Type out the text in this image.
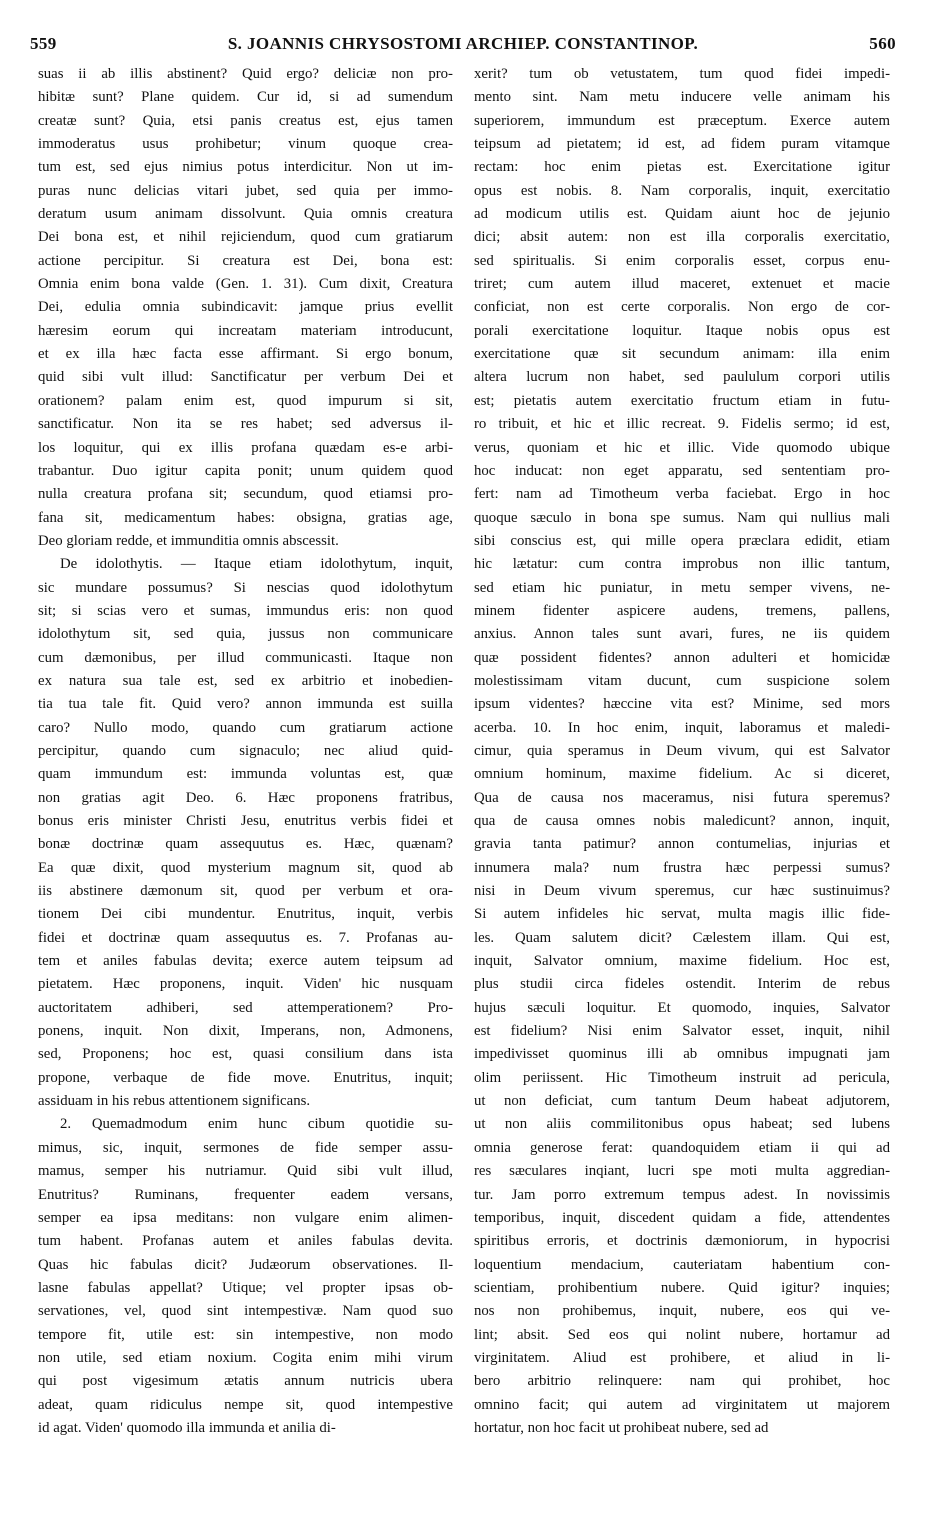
559	S. JOANNIS CHRYSOSTOMI ARCHIEP. CONSTANTINOP.	560
suas ii ab illis abstinent? Quid ergo? deliciæ non pro-
hibitæ sunt? Plane quidem. Cur id, si ad sumendum
creatæ sunt? Quia, etsi panis creatus est, ejus tamen
immoderatus usus prohibetur; vinum quoque crea-
tum est, sed ejus nimius potus interdicitur. Non ut im-
puras nunc delicias vitari jubet, sed quia per immo-
deratum usum animam dissolvunt. Quia omnis creatura
Dei bona est, et nihil rejiciendum, quod cum gratiarum
actione percipitur. Si creatura est Dei, bona est:
Omnia enim bona valde (Gen. 1. 31). Cum dixit, Creatura
Dei, edulia omnia subindicavit: jamque prius evellit
hæresim eorum qui increatam materiam introducunt,
et ex illa hæc facta esse affirmant. Si ergo bonum,
quid sibi vult illud: Sanctificatur per verbum Dei et
orationem? palam enim est, quod impurum si sit,
sanctificatur. Non ita se res habet; sed adversus il-
los loquitur, qui ex illis profana quædam es-e arbi-
trabantur. Duo igitur capita ponit; unum quidem quod
nulla creatura profana sit; secundum, quod etiamsi pro-
fana sit, medicamentum habes: obsigna, gratias age,
Deo gloriam redde, et immunditia omnis abscessit.
De idolothytis. — Itaque etiam idolothytum, inquit,
sic mundare possumus? Si nescias quod idolothytum
sit; si scias vero et sumas, immundus eris: non quod
idolothytum sit, sed quia, jussus non communicare
cum dæmonibus, per illud communicasti. Itaque non
ex natura sua tale est, sed ex arbitrio et inobedien-
tia tua tale fit. Quid vero? annon immunda est suilla
caro? Nullo modo, quando cum gratiarum actione
percipitur, quando cum signaculo; nec aliud quid-
quam immundum est: immunda voluntas est, quæ
non gratias agit Deo. 6. Hæc proponens fratribus,
bonus eris minister Christi Jesu, enutritus verbis fidei et
bonæ doctrinæ quam assequutus es. Hæc, quænam?
Ea quæ dixit, quod mysterium magnum sit, quod ab
iis abstinere dæmonum sit, quod per verbum et ora-
tionem Dei cibi mundentur. Enutritus, inquit, verbis
fidei et doctrinæ quam assequutus es. 7. Profanas au-
tem et aniles fabulas devita; exerce autem teipsum ad
pietatem. Hæc proponens, inquit. Viden' hic nusquam
auctoritatem adhiberi, sed attemperationem? Pro-
ponens, inquit. Non dixit, Imperans, non, Admonens,
sed, Proponens; hoc est, quasi consilium dans ista
propone, verbaque de fide move. Enutritus, inquit;
assiduam in his rebus attentionem significans.
2. Quemadmodum enim hunc cibum quotidie su-
mimus, sic, inquit, sermones de fide semper assu-
mamus, semper his nutriamur. Quid sibi vult illud,
Enutritus? Ruminans, frequenter eadem versans,
semper ea ipsa meditans: non vulgare enim alimen-
tum habent. Profanas autem et aniles fabulas devita.
Quas hic fabulas dicit? Judæorum observationes. Il-
lasne fabulas appellat? Utique; vel propter ipsas ob-
servationes, vel, quod sint intempestivæ. Nam quod suo
tempore fit, utile est: sin intempestive, non modo
non utile, sed etiam noxium. Cogita enim mihi virum
qui post vigesimum ætatis annum nutricis ubera
adeat, quam ridiculus nempe sit, quod intempestive
id agat. Viden' quomodo illa immunda et anilia di-
xerit? tum ob vetustatem, tum quod fidei impedi-
mento sint. Nam metu inducere velle animam his
superiorem, immundum est præceptum. Exerce autem
teipsum ad pietatem; id est, ad fidem puram vitamque
rectam: hoc enim pietas est. Exercitatione igitur
opus est nobis. 8. Nam corporalis, inquit, exercitatio
ad modicum utilis est. Quidam aiunt hoc de jejunio
dici; absit autem: non est illa corporalis exercitatio,
sed spiritualis. Si enim corporalis esset, corpus enu-
triret; cum autem illud maceret, extenuet et macie
conficiat, non est certe corporalis. Non ergo de cor-
porali exercitatione loquitur. Itaque nobis opus est
exercitatione quæ sit secundum animam: illa enim
altera lucrum non habet, sed paululum corpori utilis
est; pietatis autem exercitatio fructum etiam in futu-
ro tribuit, et hic et illic recreat. 9. Fidelis sermo; id est,
verus, quoniam et hic et illic. Vide quomodo ubique
hoc inducat: non eget apparatu, sed sententiam pro-
fert: nam ad Timotheum verba faciebat. Ergo in hoc
quoque sæculo in bona spe sumus. Nam qui nullius mali
sibi conscius est, qui mille opera præclara edidit, etiam
hic lætatur: cum contra improbus non illic tantum,
sed etiam hic puniatur, in metu semper vivens, ne-
minem fidenter aspicere audens, tremens, pallens,
anxius. Annon tales sunt avari, fures, ne iis quidem
quæ possident fidentes? annon adulteri et homicidæ
molestissimam vitam ducunt, cum suspicione solem
ipsum videntes? hæccine vita est? Minime, sed mors
acerba. 10. In hoc enim, inquit, laboramus et maledi-
cimur, quia speramus in Deum vivum, qui est Salvator
omnium hominum, maxime fidelium. Ac si diceret,
Qua de causa nos maceramus, nisi futura speremus?
qua de causa omnes nobis maledicunt? annon, inquit,
gravia tanta patimur? annon contumelias, injurias et
innumera mala? num frustra hæc perpessi sumus?
nisi in Deum vivum speremus, cur hæc sustinuimus?
Si autem infideles hic servat, multa magis illic fide-
les. Quam salutem dicit? Cælestem illam. Qui est,
inquit, Salvator omnium, maxime fidelium. Hoc est,
plus studii circa fideles ostendit. Interim de rebus
hujus sæculi loquitur. Et quomodo, inquies, Salvator
est fidelium? Nisi enim Salvator esset, inquit, nihil
impedivisset quominus illi ab omnibus impugnati jam
olim periissent. Hic Timotheum instruit ad pericula,
ut non deficiat, cum tantum Deum habeat adjutorem,
ut non aliis commilitonibus opus habeat; sed lubens
omnia generose ferat: quandoquidem etiam ii qui ad
res sæculares inqiant, lucri spe moti multa aggredian-
tur. Jam porro extremum tempus adest. In novissimis
temporibus, inquit, discedent quidam a fide, attendentes
spiritibus erroris, et doctrinis dæmoniorum, in hypocrisi
loquentium mendacium, cauteriatam habentium con-
scientiam, prohibentium nubere. Quid igitur? inquies;
nos non prohibemus, inquit, nubere, eos qui ve-
lint; absit. Sed eos qui nolint nubere, hortamur ad
virginitatem. Aliud est prohibere, et aliud in li-
bero arbitrio relinquere: nam qui prohibet, hoc
omnino facit; qui autem ad virginitatem ut majorem
hortatur, non hoc facit ut prohibeat nubere, sed ad
